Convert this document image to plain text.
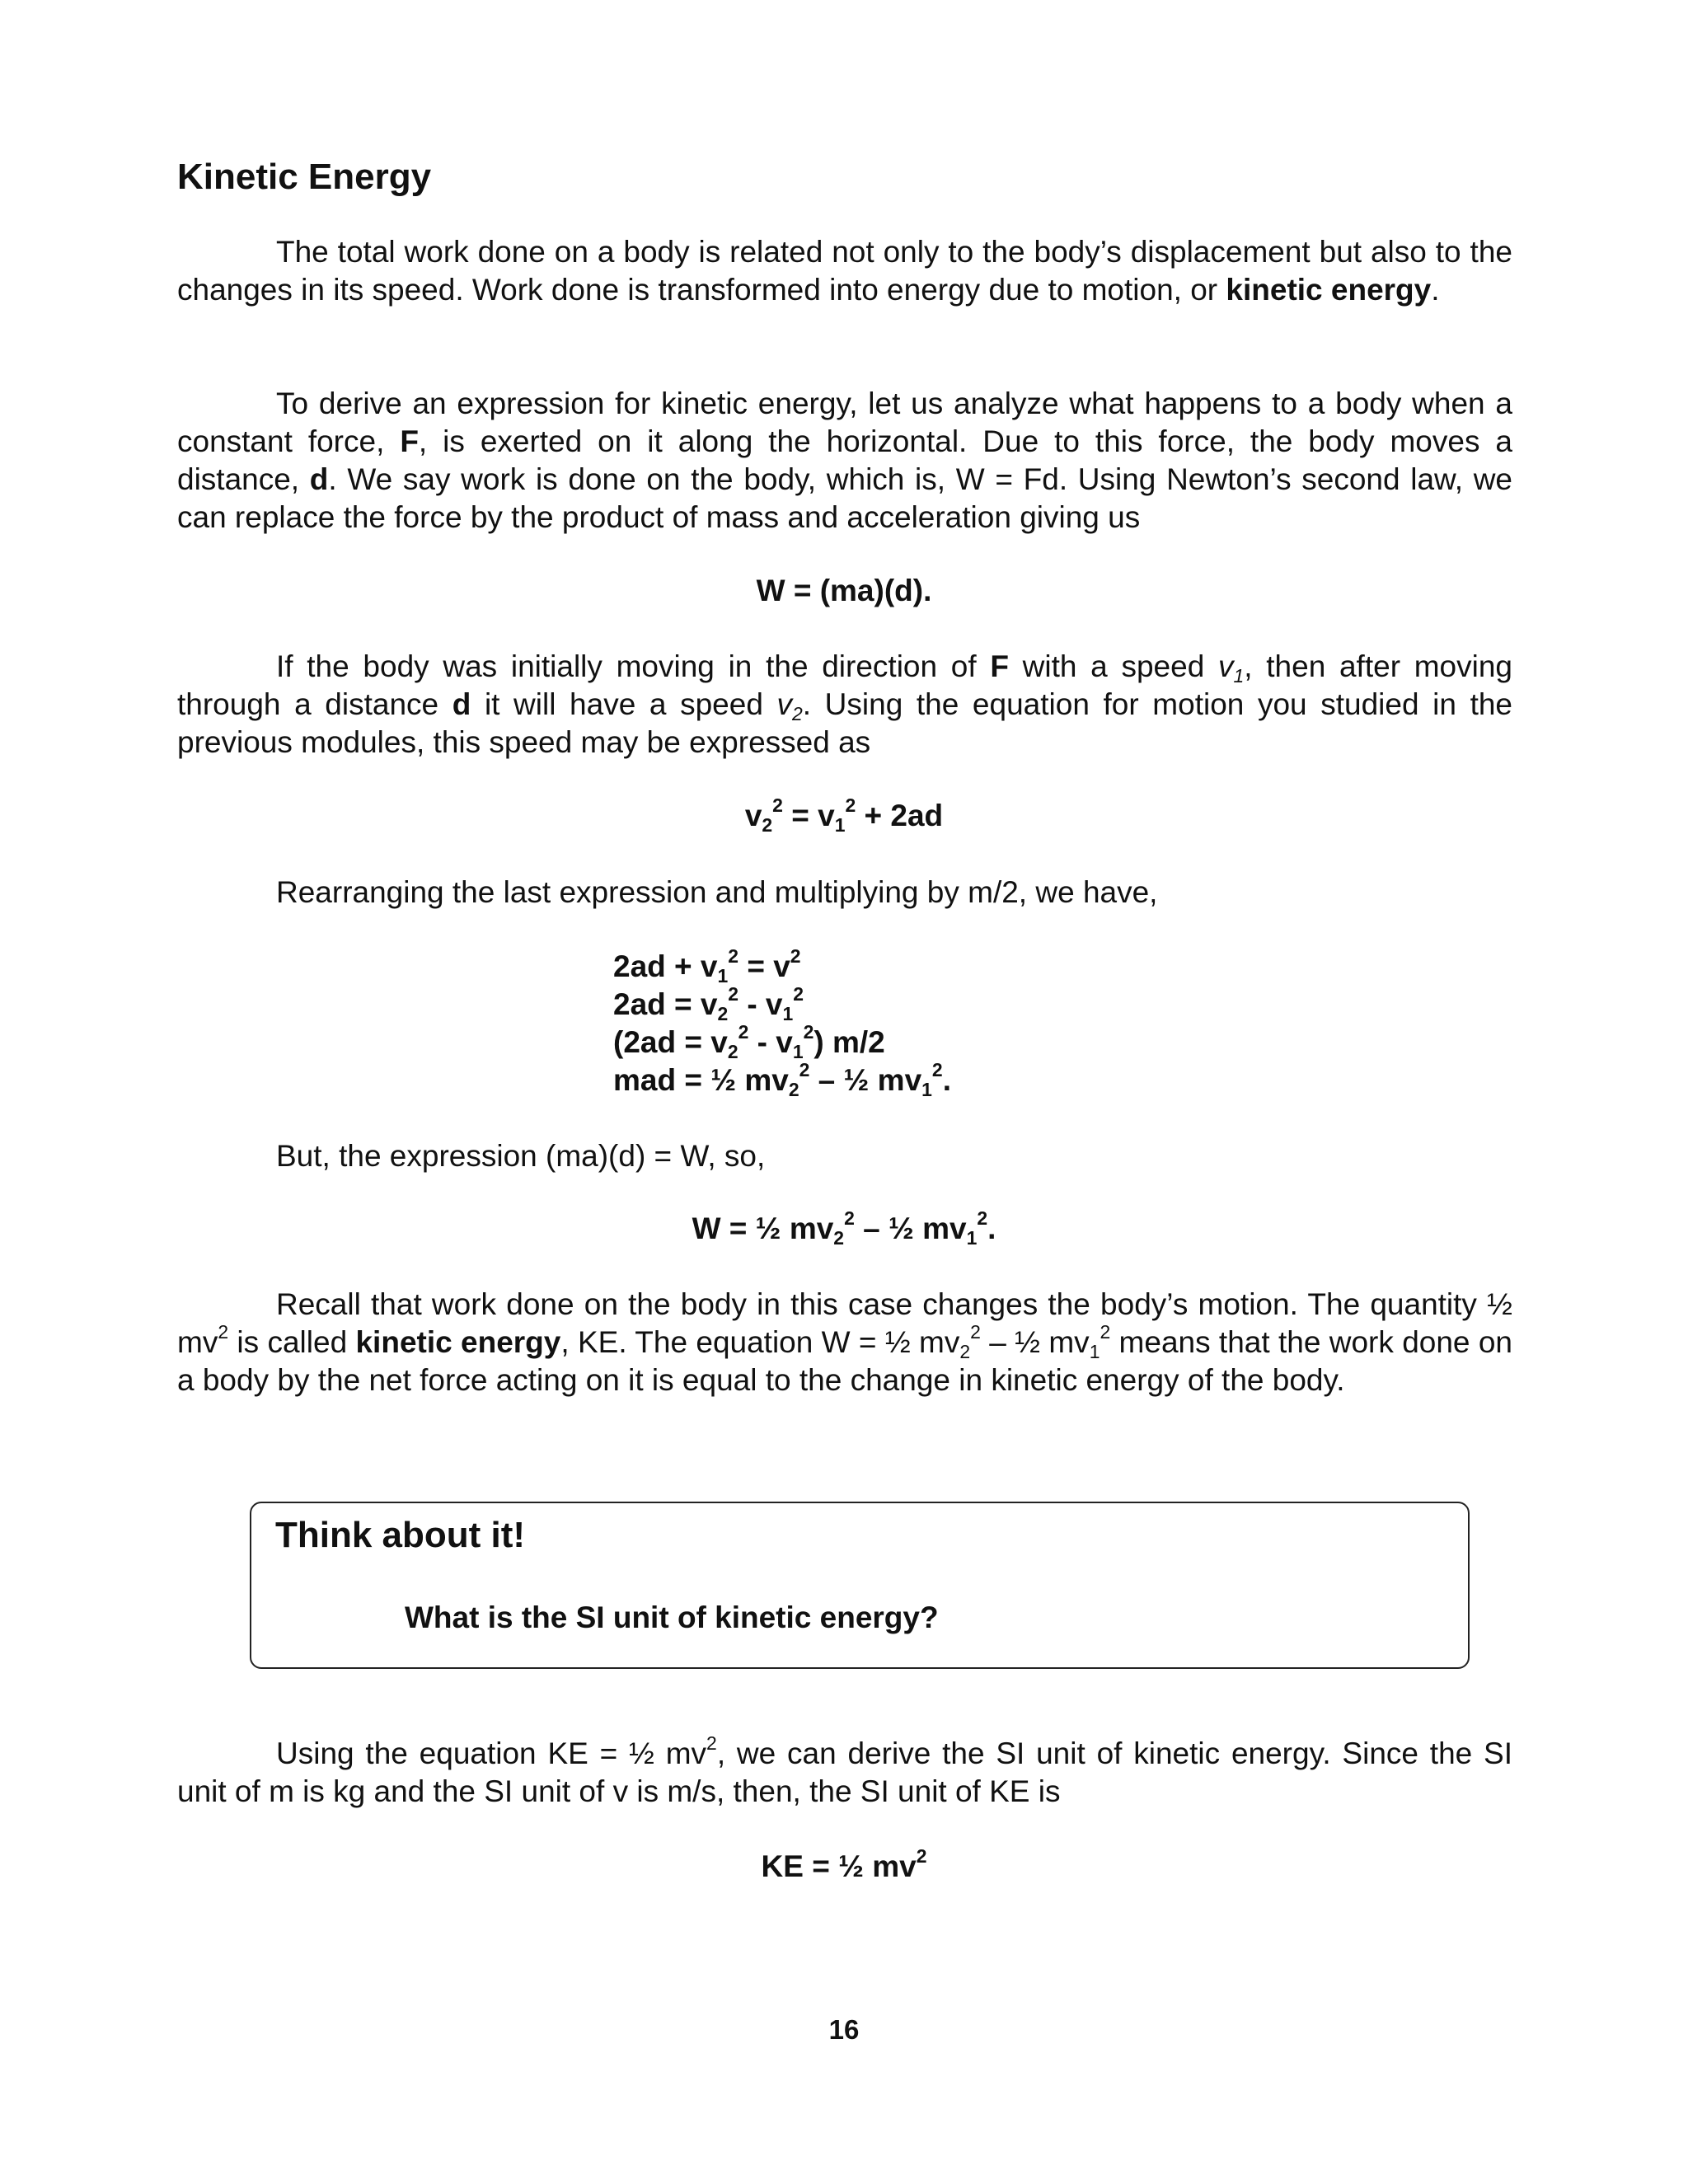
Kinetic Energy

The total work done on a body is related not only to the body’s displacement but also to the changes in its speed. Work done is transformed into energy due to motion, or kinetic energy.

To derive an expression for kinetic energy, let us analyze what happens to a body when a constant force, F, is exerted on it along the horizontal. Due to this force, the body moves a distance, d. We say work is done on the body, which is, W = Fd. Using Newton’s second law, we can replace the force by the product of mass and acceleration giving us

W = (ma)(d).

If the body was initially moving in the direction of F with a speed $v_1$, then after moving through a distance d it will have a speed $v_2$. Using the equation for motion you studied in the previous modules, this speed may be expressed as

$v_2^2 = v_1^2 + 2ad$

Rearranging the last expression and multiplying by m/2, we have,

$2ad + v_1^2 = v^2$
$2ad = v_2^2 - v_1^2$
$(2ad = v_2^2 - v_1^2)$ m/2
mad = ½ $mv_2^2$ – ½ $mv_1^2$.

But, the expression (ma)(d) = W, so,

W = ½ $mv_2^2$ – ½ $mv_1^2$.

Recall that work done on the body in this case changes the body’s motion. The quantity ½ $mv^2$ is called kinetic energy, KE. The equation W = ½ $mv_2^2$ – ½ $mv_1^2$ means that the work done on a body by the net force acting on it is equal to the change in kinetic energy of the body.

Think about it!
What is the SI unit of kinetic energy?

Using the equation KE = ½ $mv^2$, we can derive the SI unit of kinetic energy. Since the SI unit of m is kg and the SI unit of v is m/s, then, the SI unit of KE is

KE = ½ $mv^2$

16
